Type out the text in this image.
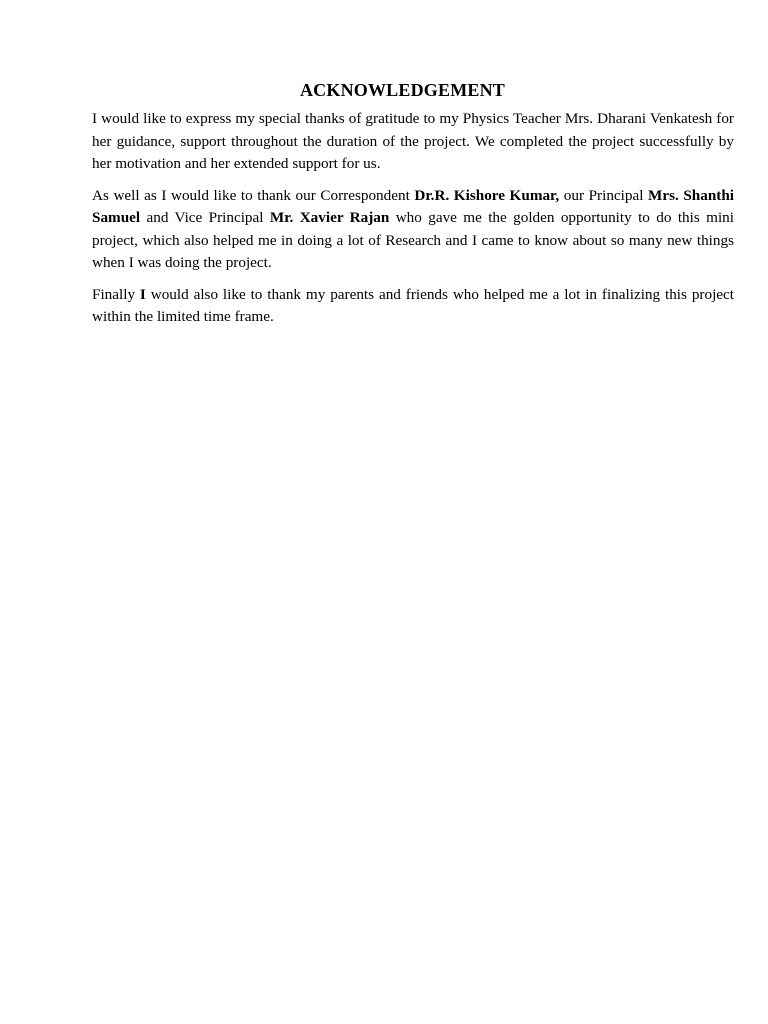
ACKNOWLEDGEMENT

I would like to express my special thanks of gratitude to my Physics Teacher Mrs. Dharani Venkatesh for her guidance, support throughout the duration of the project. We completed the project successfully by her motivation and her extended support for us.

As well as I would like to thank our Correspondent Dr.R. Kishore Kumar, our Principal Mrs. Shanthi Samuel and Vice Principal Mr. Xavier Rajan who gave me the golden opportunity to do this mini project, which also helped me in doing a lot of Research and I came to know about so many new things when I was doing the project.

Finally I would also like to thank my parents and friends who helped me a lot in finalizing this project within the limited time frame.
